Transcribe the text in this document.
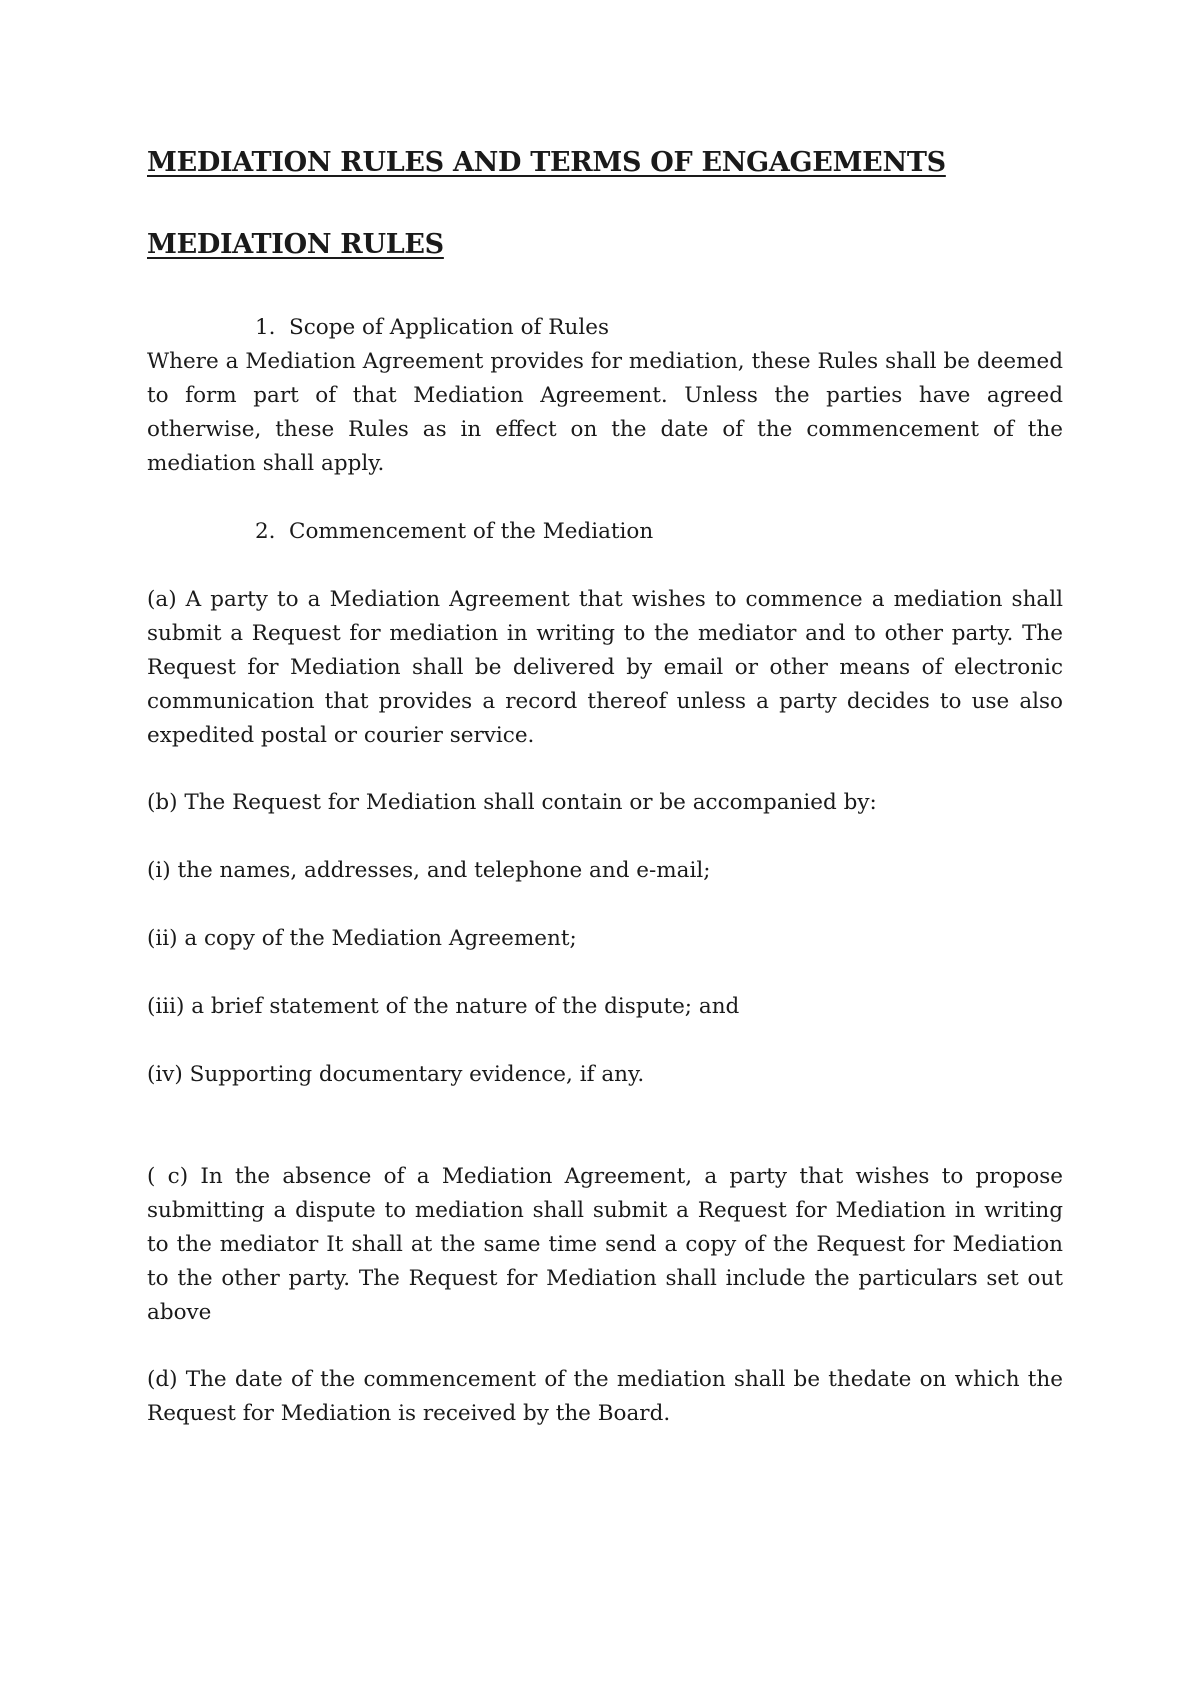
MEDIATION RULES AND TERMS OF ENGAGEMENTS
MEDIATION RULES
1. Scope of Application of Rules

Where a Mediation Agreement provides for mediation, these Rules shall be deemed to form part of that Mediation Agreement. Unless the parties have agreed otherwise, these Rules as in effect on the date of the commencement of the mediation shall apply.

2. Commencement of the Mediation

(a) A party to a Mediation Agreement that wishes to commence a mediation shall submit a Request for mediation in writing to the mediator and to other party. The Request for Mediation shall be delivered by email or other means of electronic communication that provides a record thereof unless a party decides to use also expedited postal or courier service.

(b) The Request for Mediation shall contain or be accompanied by:

(i) the names, addresses, and telephone and e-mail;

(ii) a copy of the Mediation Agreement;

(iii) a brief statement of the nature of the dispute; and

(iv) Supporting documentary evidence, if any.

( c) In the absence of a Mediation Agreement, a party that wishes to propose submitting a dispute to mediation shall submit a Request for Mediation in writing to the mediator It shall at the same time send a copy of the Request for Mediation to the other party. The Request for Mediation shall include the particulars set out above

(d) The date of the commencement of the mediation shall be thedate on which the Request for Mediation is received by the Board.
